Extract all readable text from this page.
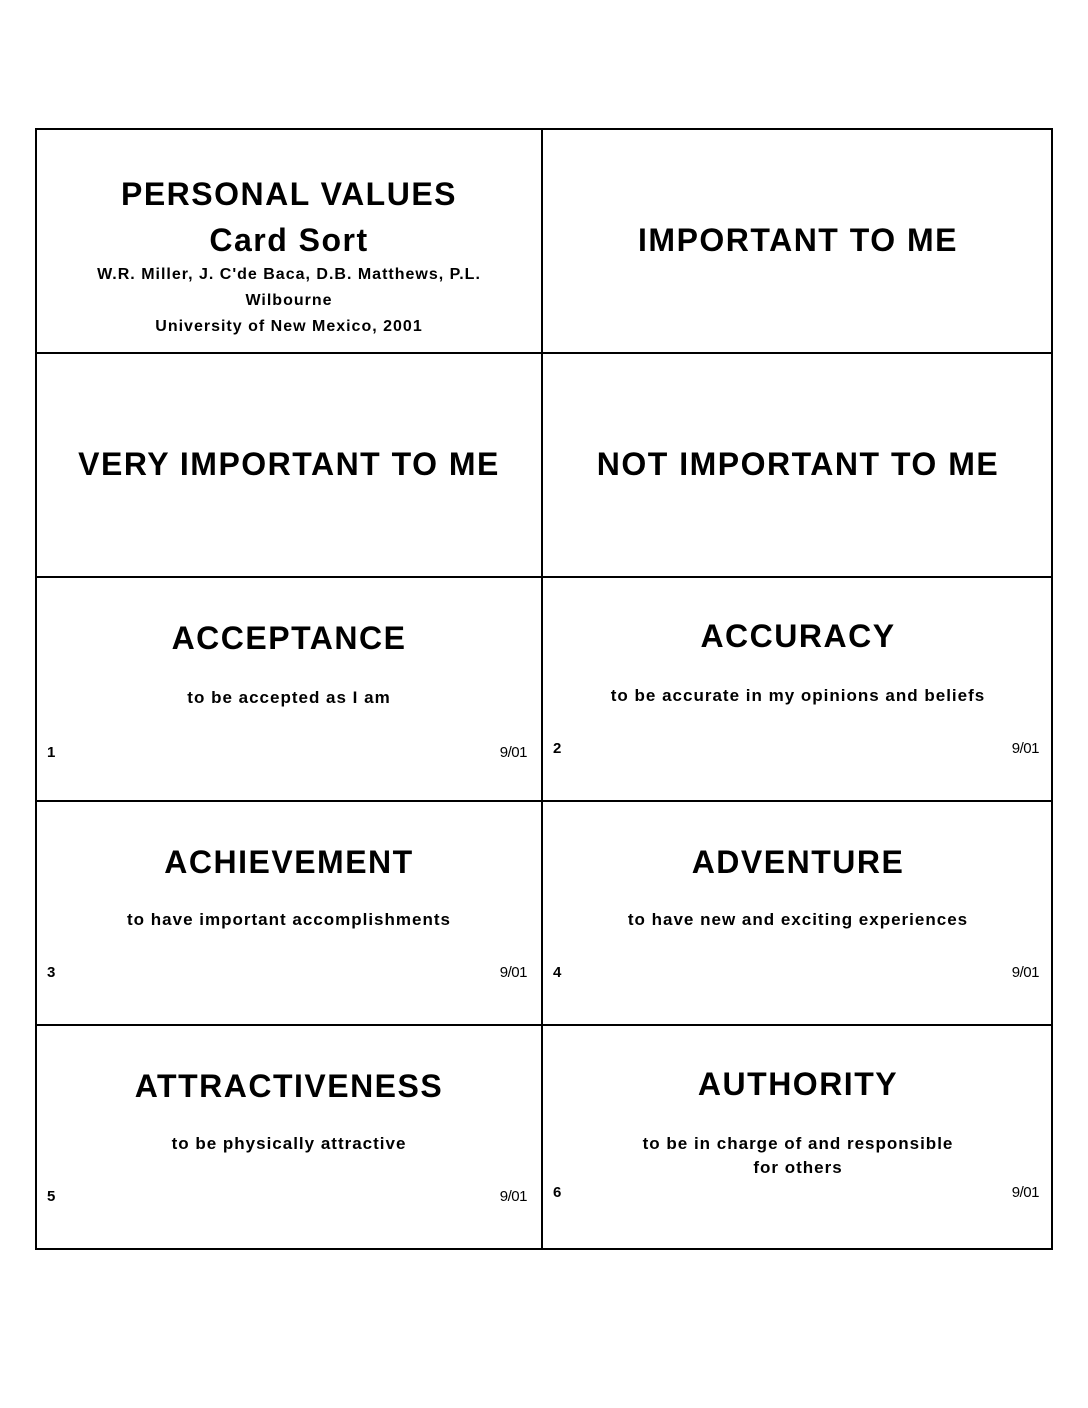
PERSONAL VALUES
Card Sort
W.R. Miller, J. C'de Baca, D.B. Matthews, P.L.
Wilbourne
University of New Mexico, 2001
IMPORTANT TO ME
VERY IMPORTANT TO ME	NOT IMPORTANT TO ME
ACCEPTANCE
to be accepted as I am
1	9/01
ACCURACY
to be accurate in my opinions and beliefs
2	9/01
ACHIEVEMENT
to have important accomplishments
3	9/01
ADVENTURE
to have new and exciting experiences
4	9/01
ATTRACTIVENESS
to be physically attractive
5	9/01
AUTHORITY
to be in charge of and responsible
for others
6	9/01
